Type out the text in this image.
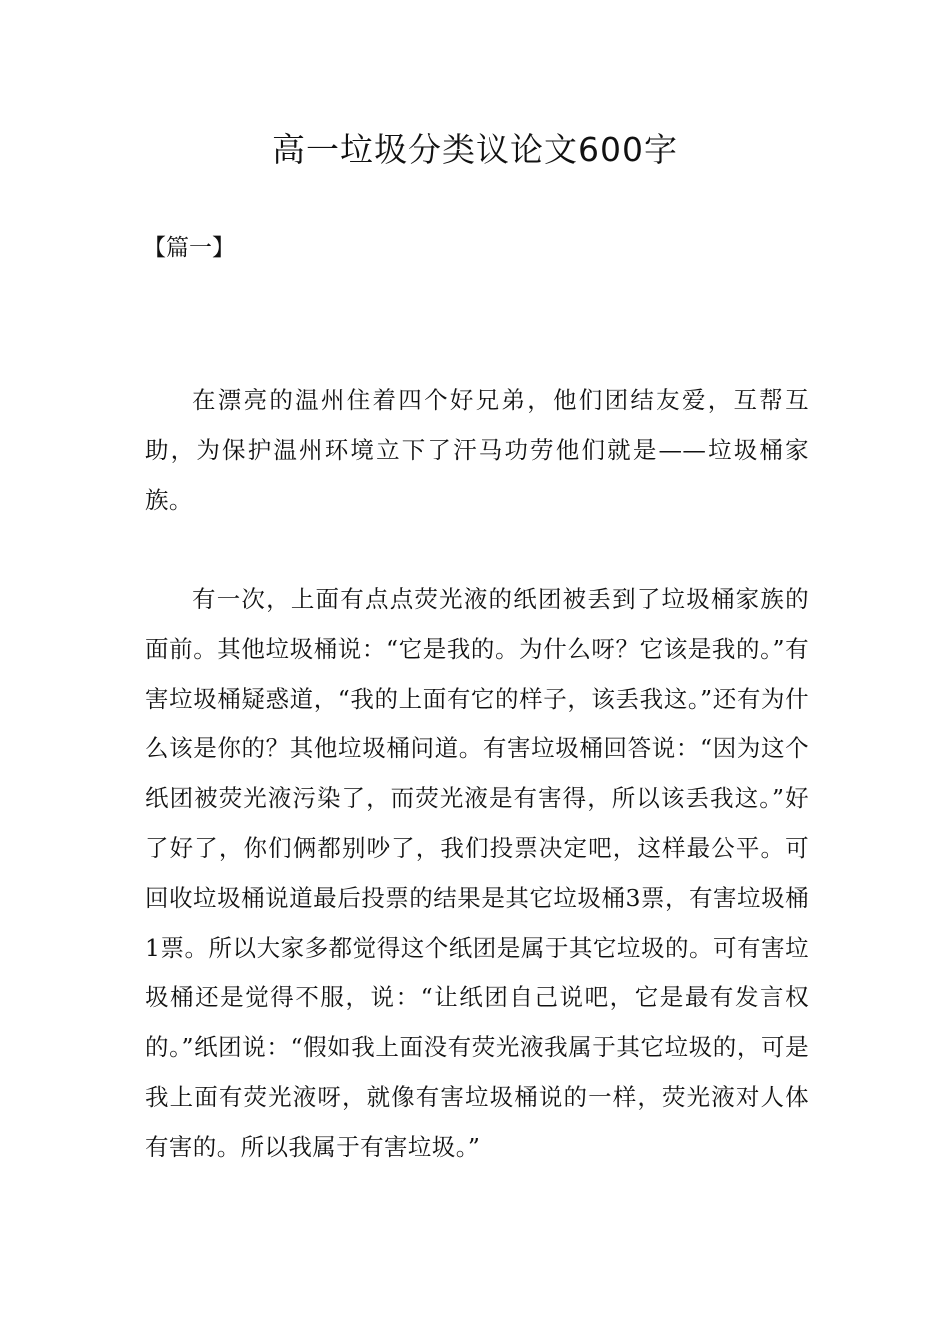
高一垃圾分类议论文600字
【篇一】

在漂亮的温州住着四个好兄弟，他们团结友爱，互帮互助，为保护温州环境立下了汗马功劳他们就是——垃圾桶家族。

有一次，上面有点点荧光液的纸团被丢到了垃圾桶家族的面前。其他垃圾桶说：“它是我的。为什么呀？它该是我的。”有害垃圾桶疑惑道，“我的上面有它的样子，该丢我这。”还有为什么该是你的？其他垃圾桶问道。有害垃圾桶回答说：“因为这个纸团被荧光液污染了，而荧光液是有害得，所以该丢我这。”好了好了，你们俩都别吵了，我们投票决定吧，这样最公平。可回收垃圾桶说道最后投票的结果是其它垃圾桶3票，有害垃圾桶1票。所以大家多都觉得这个纸团是属于其它垃圾的。可有害垃圾桶还是觉得不服，说：“让纸团自己说吧，它是最有发言权的。”纸团说：“假如我上面没有荧光液我属于其它垃圾的，可是我上面有荧光液呀，就像有害垃圾桶说的一样，荧光液对人体有害的。所以我属于有害垃圾。”
